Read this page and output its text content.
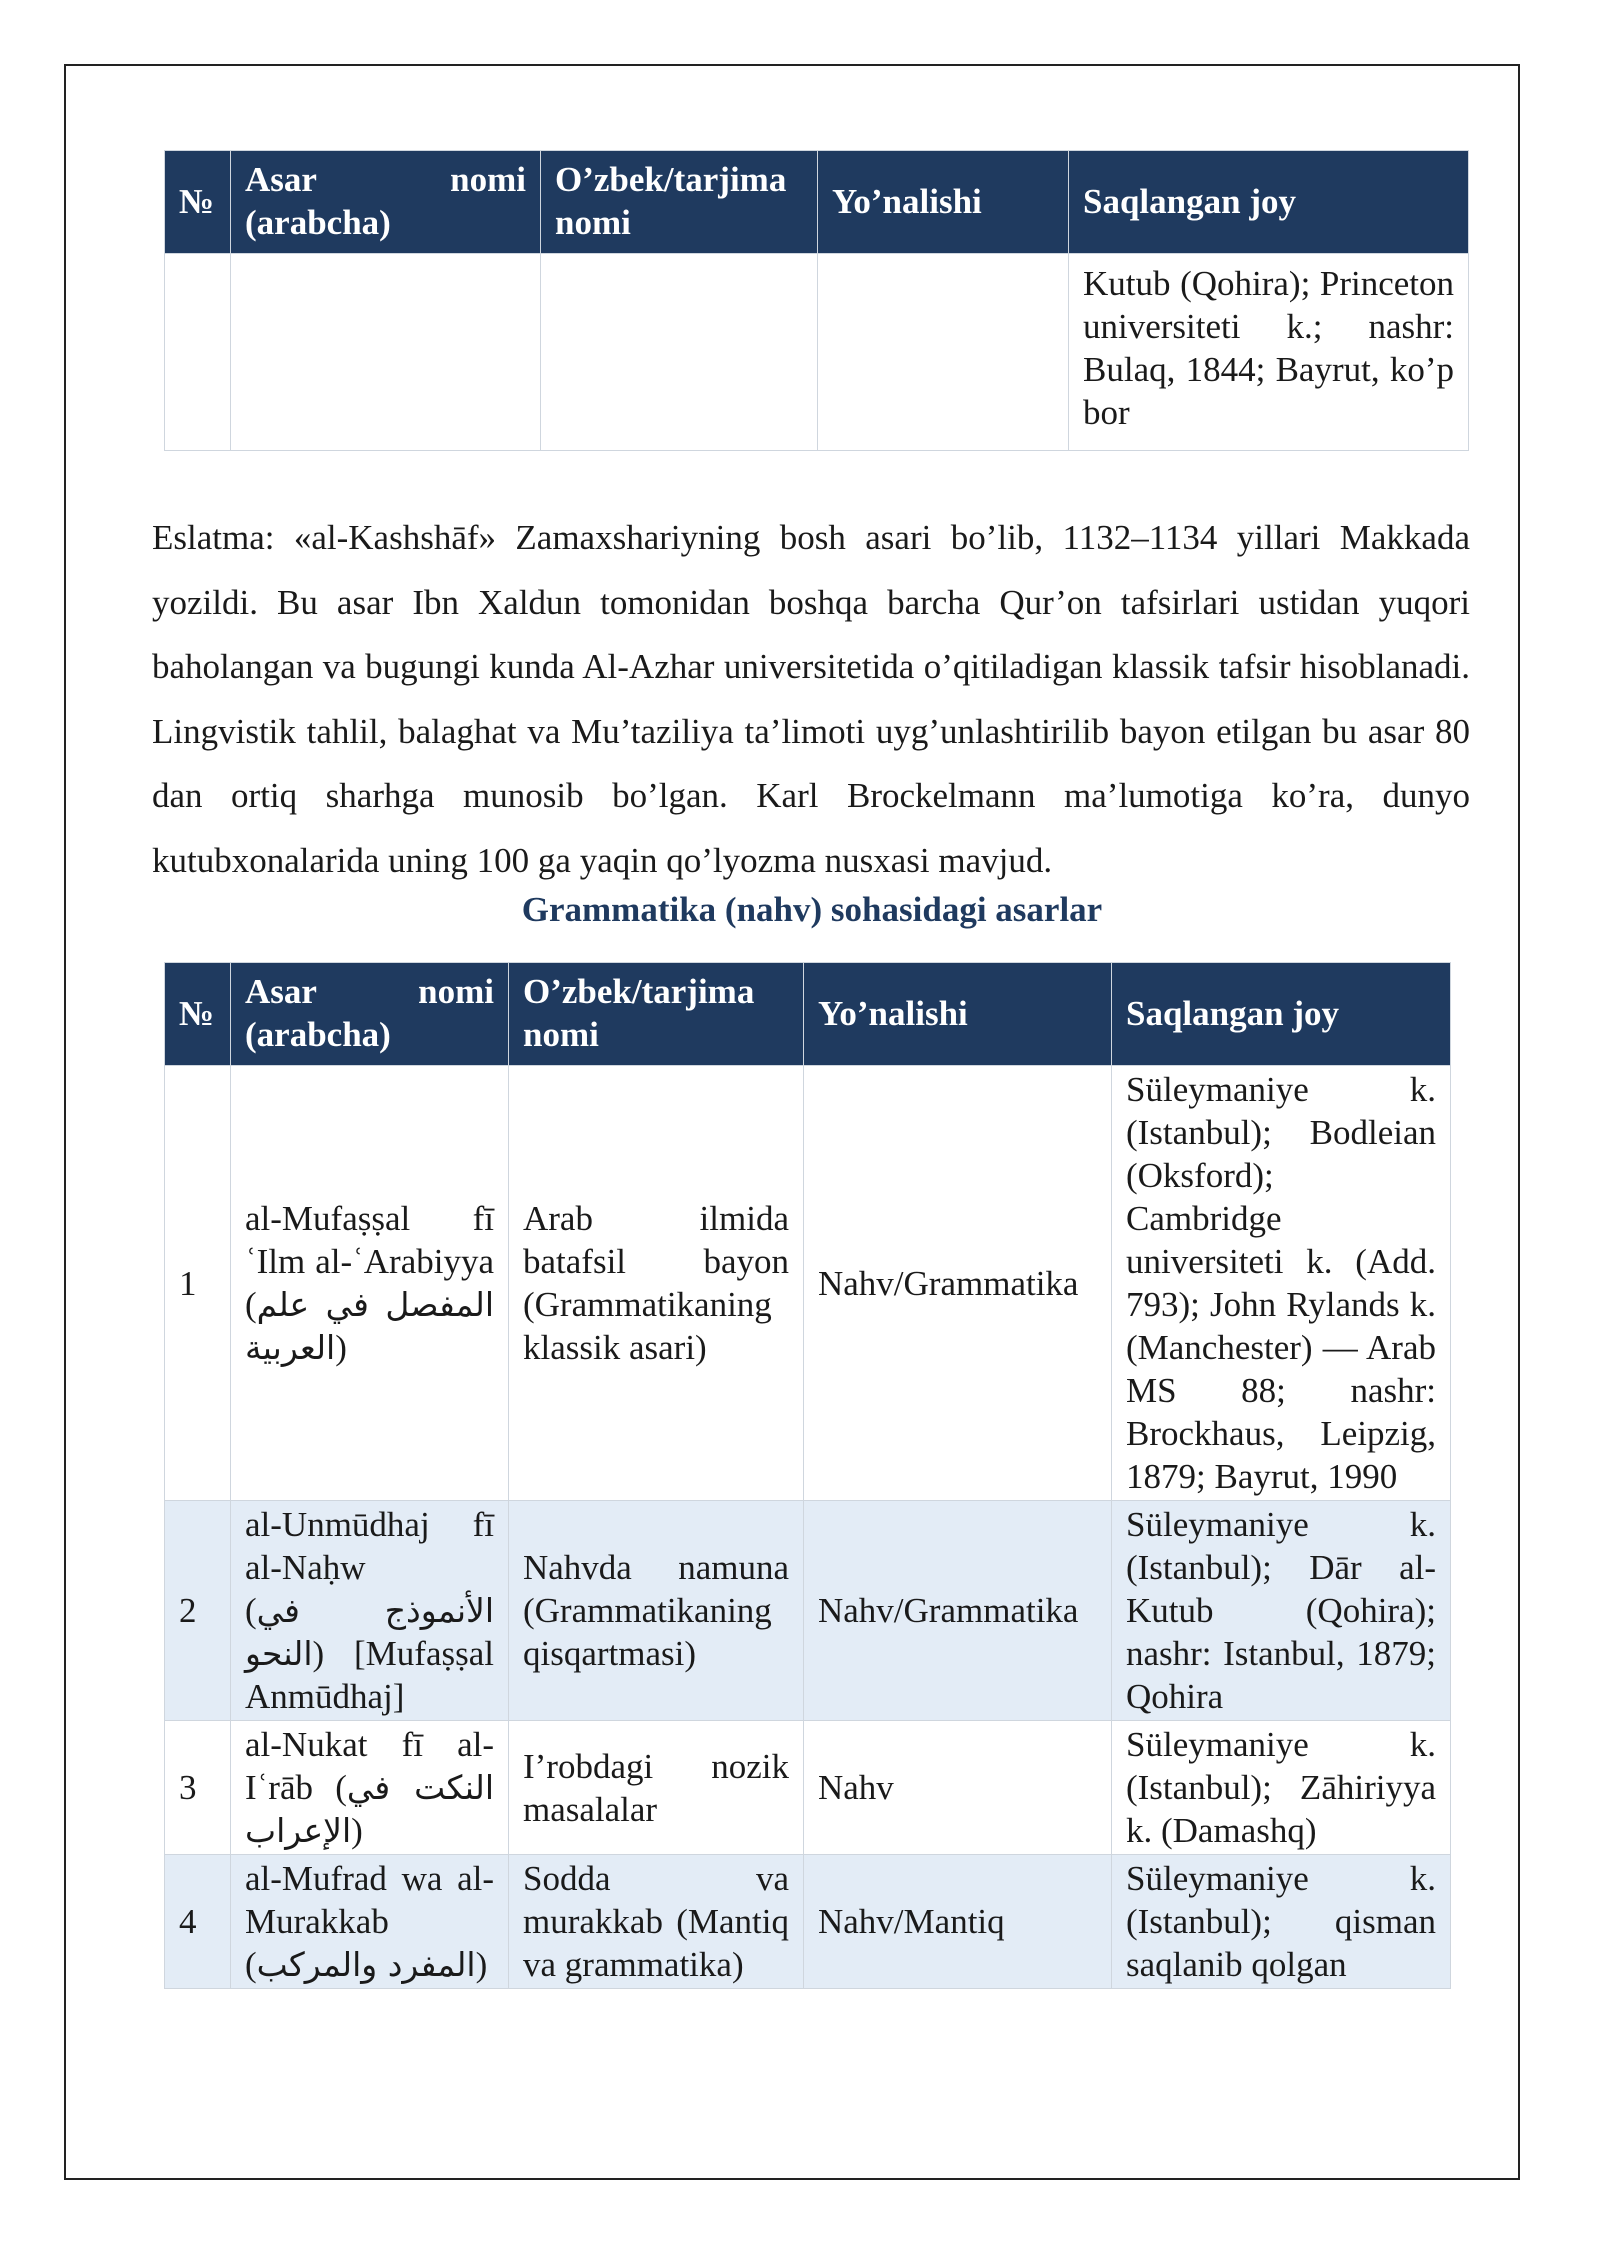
№	Asar nomi (arabcha)	O’zbek/tarjima nomi	Yo’nalishi	Saqlangan joy
				Kutub (Qohira); Princeton universiteti k.; nashr: Bulaq, 1844; Bayrut, ko’p bor

Eslatma: «al-Kashshāf» Zamaxshariyning bosh asari bo’lib, 1132–1134 yillari Makkada yozildi. Bu asar Ibn Xaldun tomonidan boshqa barcha Qur’on tafsirlari ustidan yuqori baholangan va bugungi kunda Al-Azhar universitetida o’qitiladigan klassik tafsir hisoblanadi. Lingvistik tahlil, balaghat va Mu’taziliya ta’limoti uyg’unlashtirilib bayon etilgan bu asar 80 dan ortiq sharhga munosib bo’lgan. Karl Brockelmann ma’lumotiga ko’ra, dunyo kutubxonalarida uning 100 ga yaqin qo’lyozma nusxasi mavjud.

Grammatika (nahv) sohasidagi asarlar

№	Asar nomi (arabcha)	O’zbek/tarjima nomi	Yo’nalishi	Saqlangan joy
1	al-Mufaṣṣal fī ʿIlm al-ʿArabiyya (المفصل في علم العربية)	Arab ilmida batafsil bayon (Grammatikaning klassik asari)	Nahv/Grammatika	Süleymaniye k. (Istanbul); Bodleian (Oksford); Cambridge universiteti k. (Add. 793); John Rylands k. (Manchester) — Arab MS 88; nashr: Brockhaus, Leipzig, 1879; Bayrut, 1990
2	al-Unmūdhaj fī al-Naḥw (الأنموذج في النحو) [Mufaṣṣal Anmūdhaj]	Nahvda namuna (Grammatikaning qisqartmasi)	Nahv/Grammatika	Süleymaniye k. (Istanbul); Dār al-Kutub (Qohira); nashr: Istanbul, 1879; Qohira
3	al-Nukat fī al-Iʿrāb (النكت في الإعراب)	I’robdagi nozik masalalar	Nahv	Süleymaniye k. (Istanbul); Zāhiriyya k. (Damashq)
4	al-Mufrad wa al-Murakkab (المفرد والمركب)	Sodda va murakkab (Mantiq va grammatika)	Nahv/Mantiq	Süleymaniye k. (Istanbul); qisman saqlanib qolgan
